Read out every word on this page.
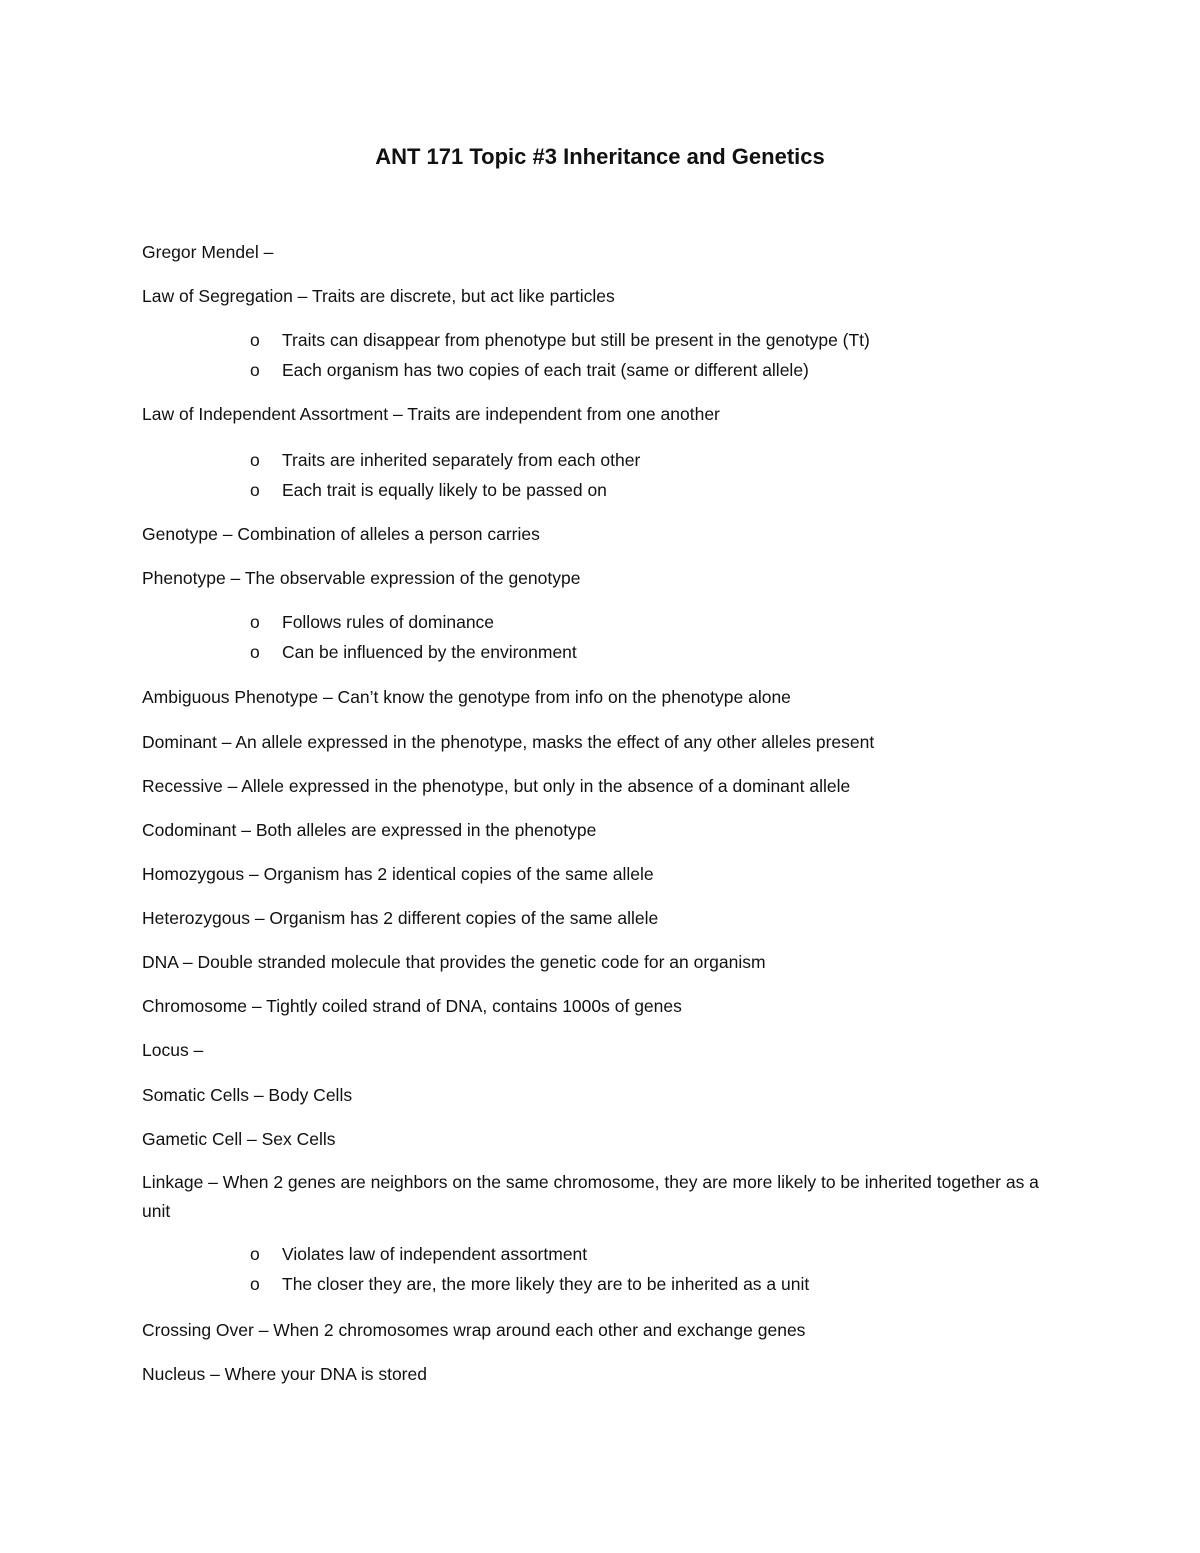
ANT 171 Topic #3 Inheritance and Genetics
Gregor Mendel –
Law of Segregation – Traits are discrete, but act like particles
o Traits can disappear from phenotype but still be present in the genotype (Tt)
o Each organism has two copies of each trait (same or different allele)
Law of Independent Assortment – Traits are independent from one another
o Traits are inherited separately from each other
o Each trait is equally likely to be passed on
Genotype – Combination of alleles a person carries
Phenotype – The observable expression of the genotype
o Follows rules of dominance
o Can be influenced by the environment
Ambiguous Phenotype – Can’t know the genotype from info on the phenotype alone
Dominant – An allele expressed in the phenotype, masks the effect of any other alleles present
Recessive – Allele expressed in the phenotype, but only in the absence of a dominant allele
Codominant – Both alleles are expressed in the phenotype
Homozygous – Organism has 2 identical copies of the same allele
Heterozygous – Organism has 2 different copies of the same allele
DNA – Double stranded molecule that provides the genetic code for an organism
Chromosome – Tightly coiled strand of DNA, contains 1000s of genes
Locus –
Somatic Cells – Body Cells
Gametic Cell – Sex Cells
Linkage – When 2 genes are neighbors on the same chromosome, they are more likely to be inherited together as a unit
o Violates law of independent assortment
o The closer they are, the more likely they are to be inherited as a unit
Crossing Over – When 2 chromosomes wrap around each other and exchange genes
Nucleus – Where your DNA is stored
